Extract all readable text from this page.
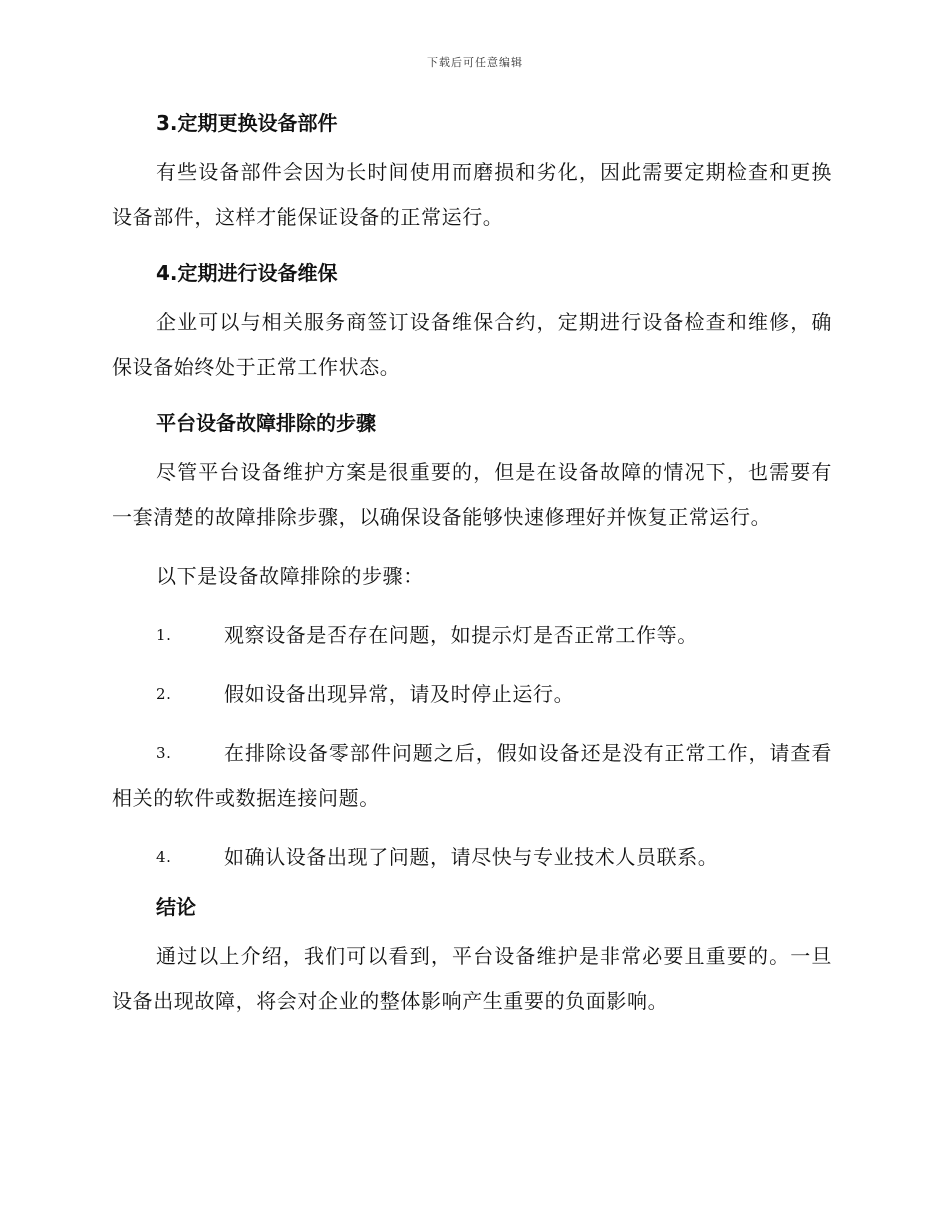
下载后可任意编辑
3.定期更换设备部件

有些设备部件会因为长时间使用而磨损和劣化，因此需要定期检查和更换设备部件，这样才能保证设备的正常运行。

4.定期进行设备维保

企业可以与相关服务商签订设备维保合约，定期进行设备检查和维修，确保设备始终处于正常工作状态。

平台设备故障排除的步骤

尽管平台设备维护方案是很重要的，但是在设备故障的情况下，也需要有一套清楚的故障排除步骤，以确保设备能够快速修理好并恢复正常运行。

以下是设备故障排除的步骤：

1.	观察设备是否存在问题，如提示灯是否正常工作等。

2.	假如设备出现异常，请及时停止运行。

3.	在排除设备零部件问题之后，假如设备还是没有正常工作，请查看相关的软件或数据连接问题。

4.	如确认设备出现了问题，请尽快与专业技术人员联系。

结论

通过以上介绍，我们可以看到，平台设备维护是非常必要且重要的。一旦设备出现故障，将会对企业的整体影响产生重要的负面影响。
